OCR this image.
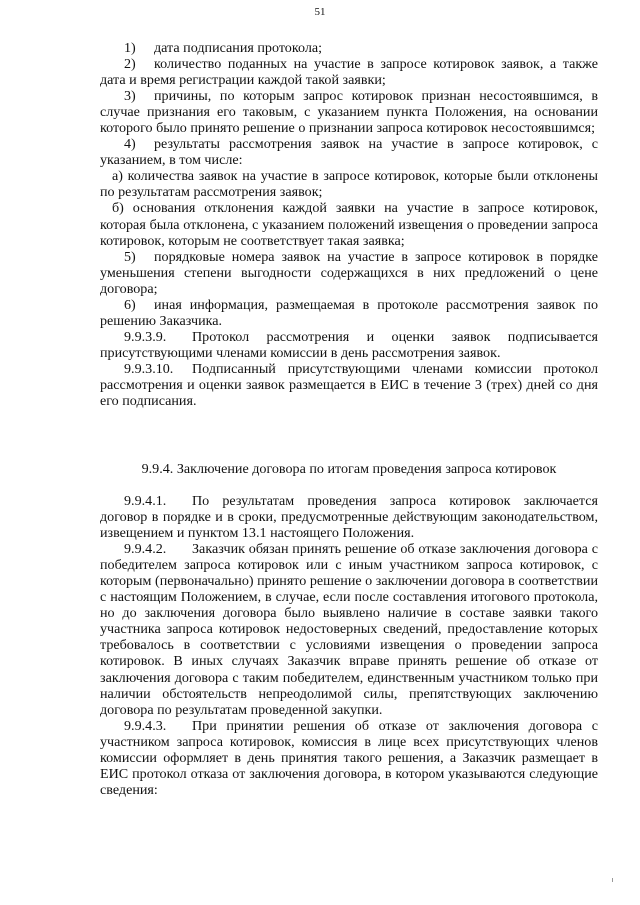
51

1) дата подписания протокола;

2) количество поданных на участие в запросе котировок заявок, а также дата и время регистрации каждой такой заявки;

3) причины, по которым запрос котировок признан несостоявшимся, в случае признания его таковым, с указанием пункта Положения, на основании которого было принято решение о признании запроса котировок несостоявшимся;

4) результаты рассмотрения заявок на участие в запросе котировок, с указанием, в том числе:

а) количества заявок на участие в запросе котировок, которые были отклонены по результатам рассмотрения заявок;

б) основания отклонения каждой заявки на участие в запросе котировок, которая была отклонена, с указанием положений извещения о проведении запроса котировок, которым не соответствует такая заявка;

5) порядковые номера заявок на участие в запросе котировок в порядке уменьшения степени выгодности содержащихся в них предложений о цене договора;

6) иная информация, размещаемая в протоколе рассмотрения заявок по решению Заказчика.

9.9.3.9. Протокол рассмотрения и оценки заявок подписывается присутствующими членами комиссии в день рассмотрения заявок.

9.9.3.10. Подписанный присутствующими членами комиссии протокол рассмотрения и оценки заявок размещается в ЕИС в течение 3 (трех) дней со дня его подписания.

9.9.4. Заключение договора по итогам проведения запроса котировок

9.9.4.1. По результатам проведения запроса котировок заключается договор в порядке и в сроки, предусмотренные действующим законодательством, извещением и пунктом 13.1 настоящего Положения.

9.9.4.2. Заказчик обязан принять решение об отказе заключения договора с победителем запроса котировок или с иным участником запроса котировок, с которым (первоначально) принято решение о заключении договора в соответствии с настоящим Положением, в случае, если после составления итогового протокола, но до заключения договора было выявлено наличие в составе заявки такого участника запроса котировок недостоверных сведений, предоставление которых требовалось в соответствии с условиями извещения о проведении запроса котировок. В иных случаях Заказчик вправе принять решение об отказе от заключения договора с таким победителем, единственным участником только при наличии обстоятельств непреодолимой силы, препятствующих заключению договора по результатам проведенной закупки.

9.9.4.3. При принятии решения об отказе от заключения договора с участником запроса котировок, комиссия в лице всех присутствующих членов комиссии оформляет в день принятия такого решения, а Заказчик размещает в ЕИС протокол отказа от заключения договора, в котором указываются следующие сведения:
